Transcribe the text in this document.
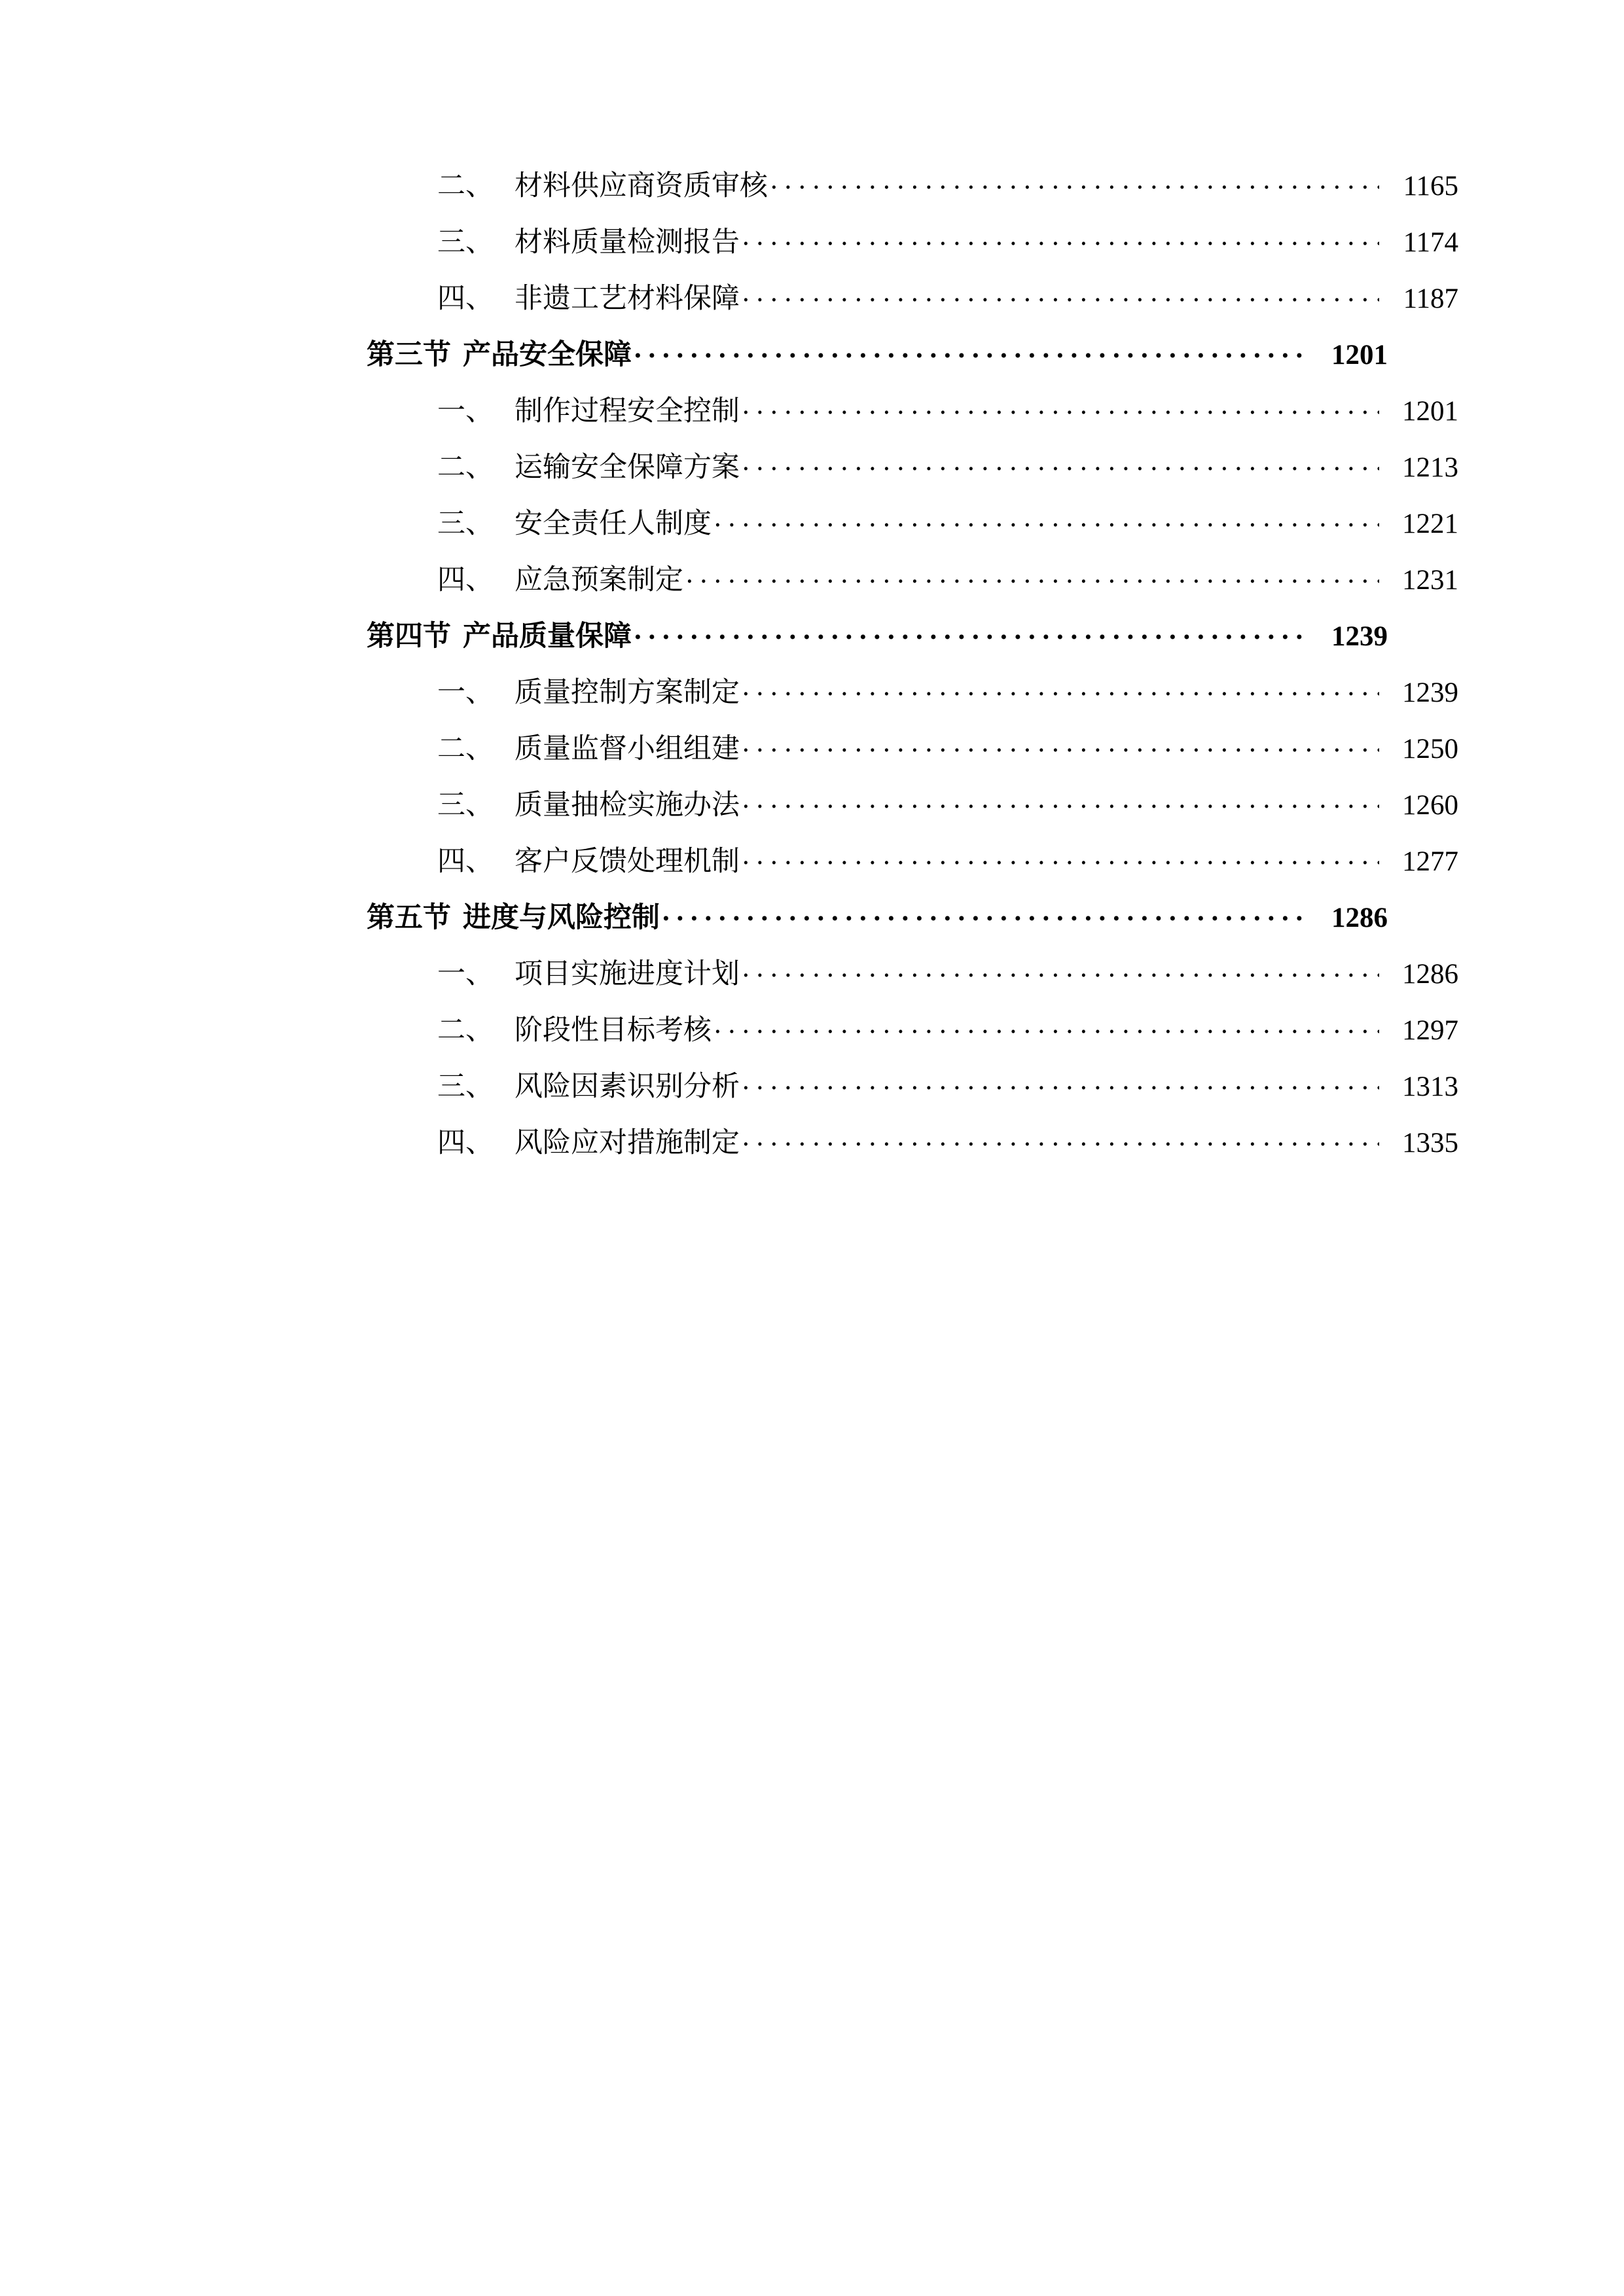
二、 材料供应商资质审核 . . .	1165
三、 材料质量检测报告 . . .	1174
四、 非遗工艺材料保障 . . .	1187
第三节 产品安全保障 . . .	1201
一、 制作过程安全控制 . . .	1201
二、 运输安全保障方案 . . .	1213
三、 安全责任人制度 . . .	1221
四、 应急预案制定 . . .	1231
第四节 产品质量保障 . . .	1239
一、 质量控制方案制定 . . .	1239
二、 质量监督小组组建 . . .	1250
三、 质量抽检实施办法 . . .	1260
四、 客户反馈处理机制 . . .	1277
第五节 进度与风险控制 . . .	1286
一、 项目实施进度计划 . . .	1286
二、 阶段性目标考核 . . .	1297
三、 风险因素识别分析 . . .	1313
四、 风险应对措施制定 . . .	1335
